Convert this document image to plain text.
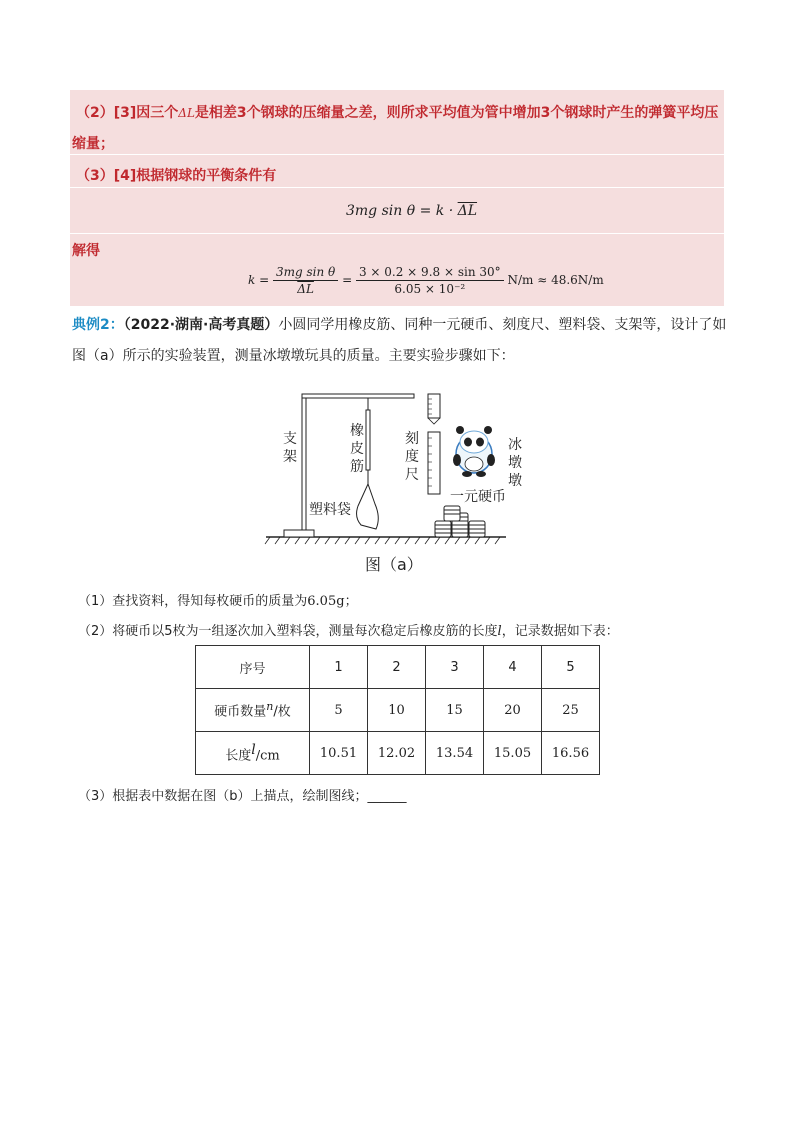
（2）[3]因三个ΔL是相差3个钢球的压缩量之差，则所求平均值为管中增加3个钢球时产生的弹簧平均压
缩量；
（3）[4]根据钢球的平衡条件有
3mg $\sin \theta = k \cdot \overline{\Delta L}$
解得
$k = \frac{\text{3mg sin θ}}{\Delta L} = \frac{3 \times 0.2 \times 9.8 \times \sin 30^\circ}{\text{6.05 × 10⁻²}} N/m \approx 48.6N/m$
典例2：（2022·湖南·高考真题）小圆同学用橡皮筋、同种一元硬币、刻度尺、塑料袋、支架等，设计了如
图（a）所示的实验装置，测量冰墩墩玩具的质量。主要实验步骤如下：
支架
橡皮筋
刻度尺
冰墩墩
塑料袋
一元硬币
图（a）
（1）查找资料，得知每枚硬币的质量为6.05g；
（2）将硬币以5枚为一组逐次加入塑料袋，测量每次稳定后橡皮筋的长度l，记录数据如下表：
序号	1	2	3	4	5
硬币数量$^n$/枚	5	10	15	20	25
长度l/cm	10.51	12.02	13.54	15.05	16.56
（3）根据表中数据在图（b）上描点，绘制图线；______
